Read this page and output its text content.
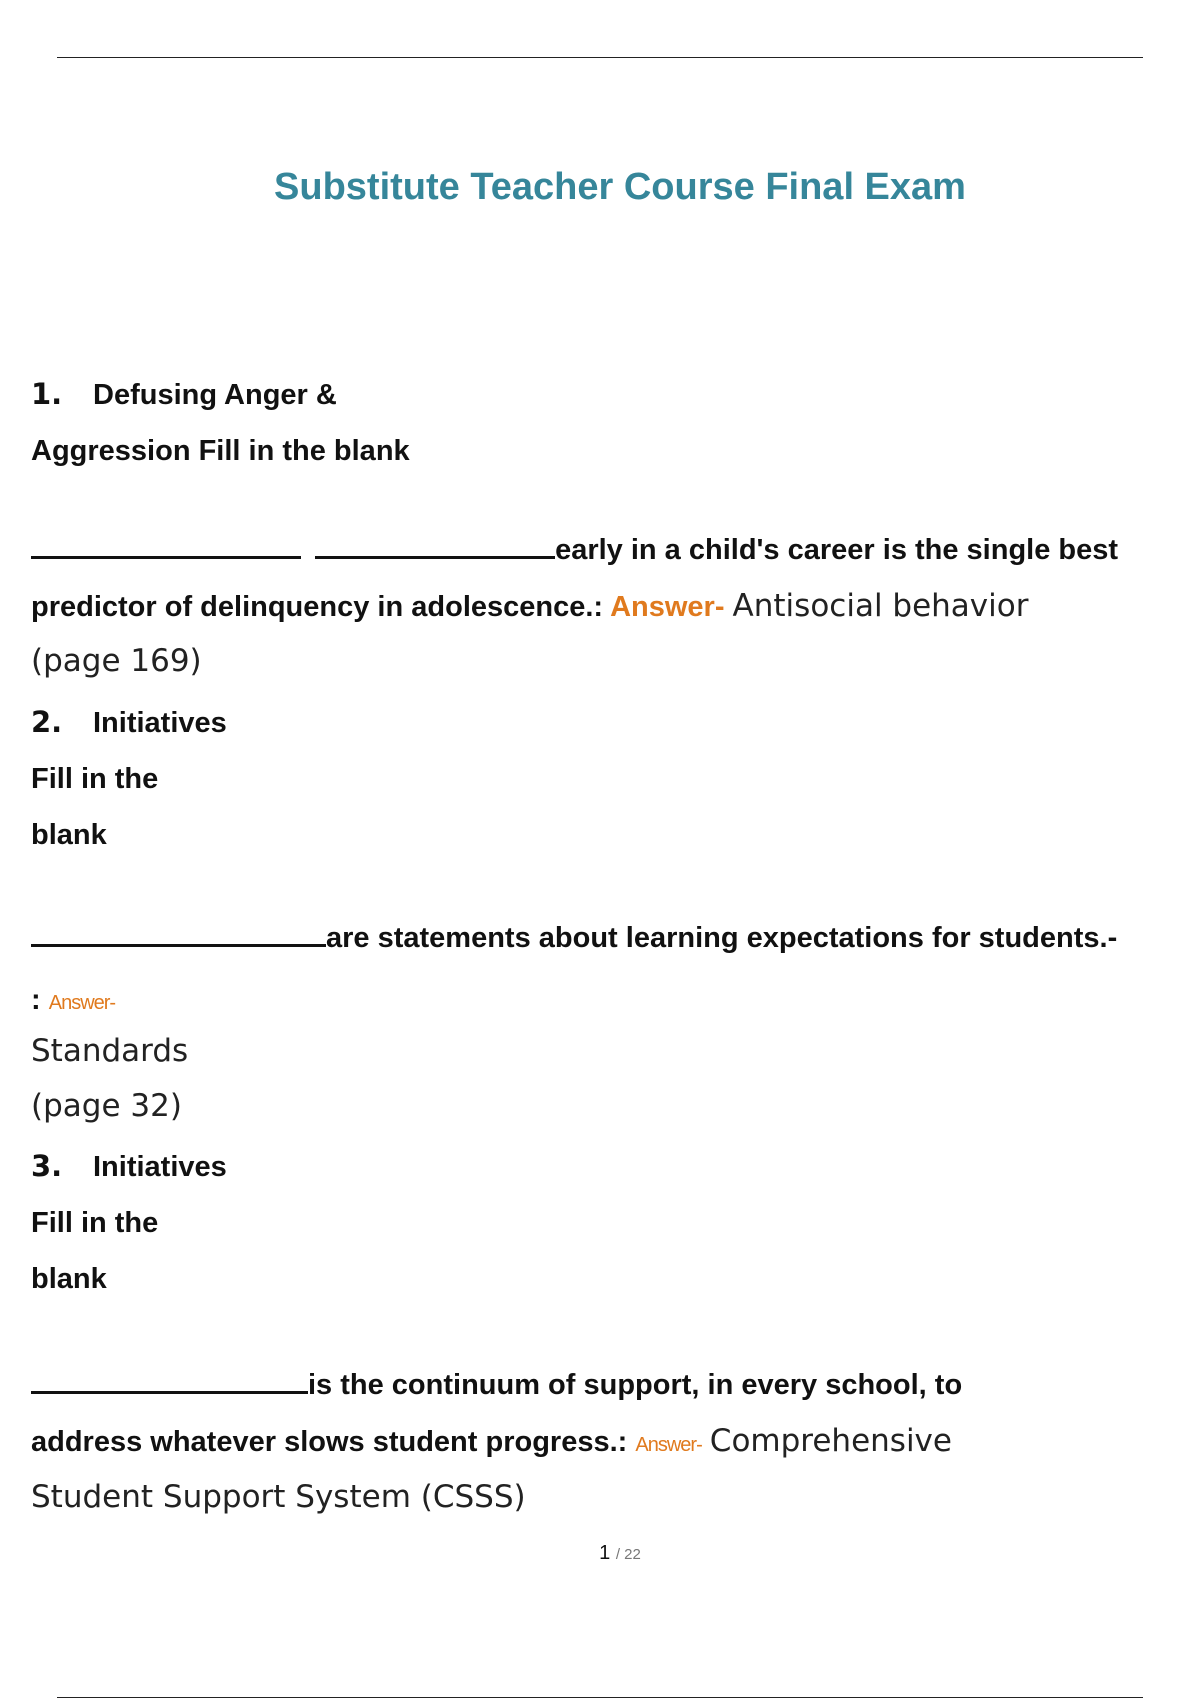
Substitute Teacher Course Final Exam
1. Defusing Anger &
Aggression Fill in the blank
early in a child's career is the single best
predictor of delinquency in adolescence.: Answer- Antisocial behavior
(page 169)
2. Initiatives
Fill in the
blank
are statements about learning expectations for students.-
: Answer-
Standards
(page 32)
3. Initiatives
Fill in the
blank
is the continuum of support, in every school, to
address whatever slows student progress.: Answer- Comprehensive
Student Support System (CSSS)
1 / 22
